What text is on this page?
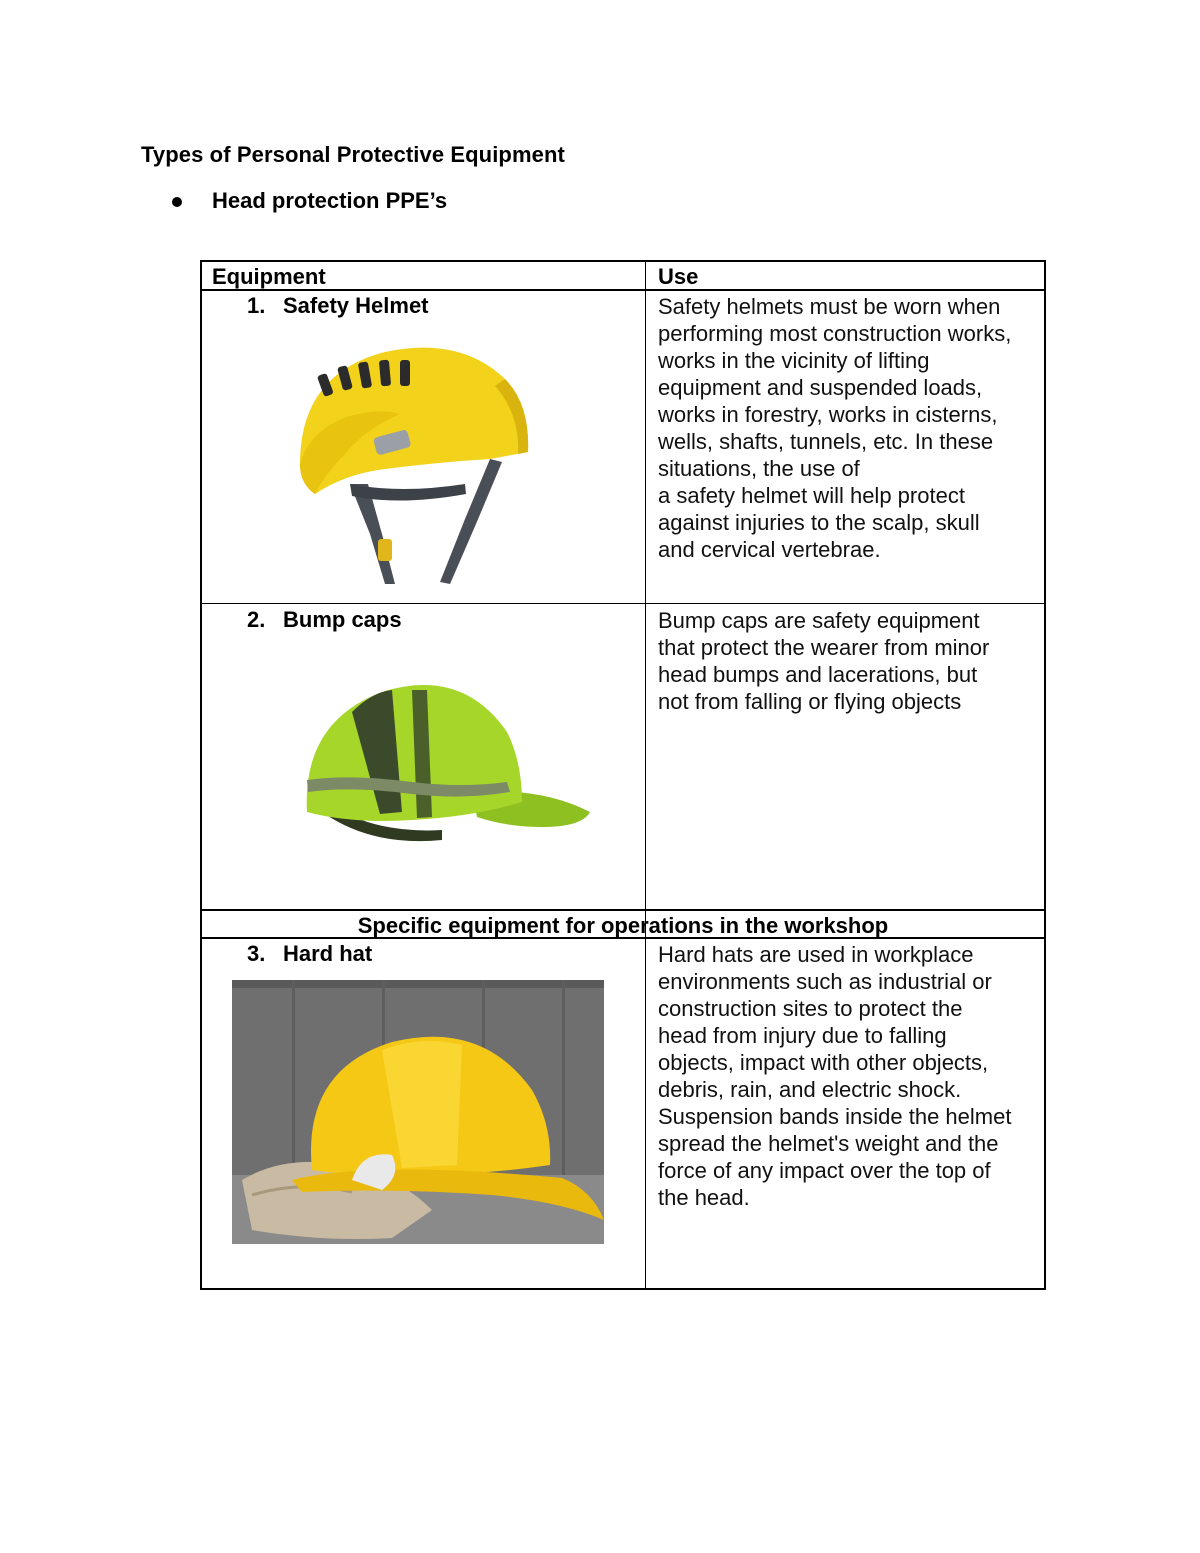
Types of Personal Protective Equipment
Head protection PPE’s
Equipment	Use
1. Safety Helmet	Safety helmets must be worn when
performing most construction works,
works in the vicinity of lifting
equipment and suspended loads,
works in forestry, works in cisterns,
wells, shafts, tunnels, etc. In these
situations, the use of
a safety helmet will help protect
against injuries to the scalp, skull
and cervical vertebrae.
2. Bump caps	Bump caps are safety equipment
that protect the wearer from minor
head bumps and lacerations, but
not from falling or flying objects
Specific equipment for operations in the workshop
3. Hard hat	Hard hats are used in workplace
environments such as industrial or
construction sites to protect the
head from injury due to falling
objects, impact with other objects,
debris, rain, and electric shock.
Suspension bands inside the helmet
spread the helmet's weight and the
force of any impact over the top of
the head.
